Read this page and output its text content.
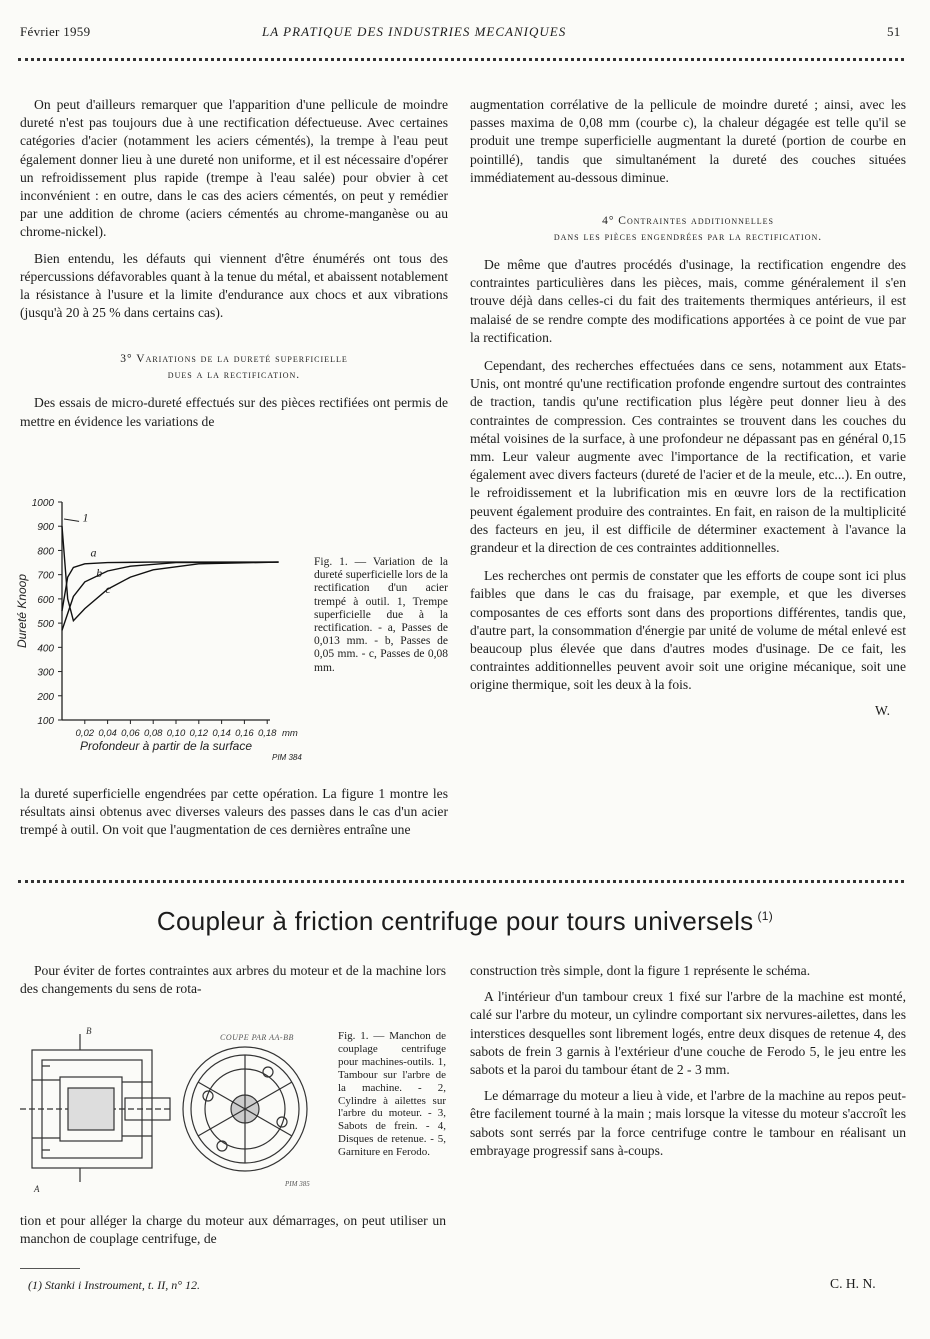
Février 1959	LA PRATIQUE DES INDUSTRIES MECANIQUES	51

On peut d'ailleurs remarquer que l'apparition d'une pellicule de moindre dureté n'est pas toujours due à une rectification défectueuse. Avec certaines catégories d'acier (notamment les aciers cémentés), la trempe à l'eau peut également donner lieu à une dureté non uniforme, et il est nécessaire d'opérer un refroidissement plus rapide (trempe à l'eau salée) pour obvier à cet inconvénient : en outre, dans le cas des aciers cémentés, on peut y remédier par une addition de chrome (aciers cémentés au chrome-manganèse ou au chrome-nickel).

Bien entendu, les défauts qui viennent d'être énumérés ont tous des répercussions défavorables quant à la tenue du métal, et abaissent notablement la résistance à l'usure et la limite d'endurance aux chocs et aux vibrations (jusqu'à 20 à 25 % dans certains cas).

3° Variations de la dureté superficielle
dues a la rectification.

Des essais de micro-dureté effectués sur des pièces rectifiées ont permis de mettre en évidence les variations de

1000
900
800
700
600
500
400
300
200
100
0,02 0,04 0,06 0,08 0,10 0,12 0,14 0,16 0,18 mm
Profondeur à partir de la surface
Dureté Knoop
PIM 384
1
a
b
c
Fig. 1. — Variation de la dureté superficielle lors de la rectification d'un acier trempé à outil. 1, Trempe superficielle due à la rectification. - a, Passes de 0,013 mm. - b, Passes de 0,05 mm. - c, Passes de 0,08 mm.

la dureté superficielle engendrées par cette opération. La figure 1 montre les résultats ainsi obtenus avec diverses valeurs des passes dans le cas d'un acier trempé à outil. On voit que l'augmentation de ces dernières entraîne une

augmentation corrélative de la pellicule de moindre dureté ; ainsi, avec les passes maxima de 0,08 mm (courbe c), la chaleur dégagée est telle qu'il se produit une trempe superficielle augmentant la dureté (portion de courbe en pointillé), tandis que simultanément la dureté des couches situées immédiatement au-dessous diminue.

4° Contraintes additionnelles
dans les pièces engendrées par la rectification.

De même que d'autres procédés d'usinage, la rectification engendre des contraintes particulières dans les pièces, mais, comme généralement il s'en trouve déjà dans celles-ci du fait des traitements thermiques antérieurs, il est malaisé de se rendre compte des modifications apportées à ce point de vue par la rectification.

Cependant, des recherches effectuées dans ce sens, notamment aux Etats-Unis, ont montré qu'une rectification profonde engendre surtout des contraintes de traction, tandis qu'une rectification plus légère peut donner lieu à des contraintes de compression. Ces contraintes se trouvent dans les couches du métal voisines de la surface, à une profondeur ne dépassant pas en général 0,15 mm. Leur valeur augmente avec l'importance de la rectification, et varie également avec divers facteurs (dureté de l'acier et de la meule, etc...). En outre, le refroidissement et la lubrification mis en œuvre lors de la rectification peuvent également produire des contraintes. En fait, en raison de la multiplicité des facteurs en jeu, il est difficile de déterminer exactement à l'avance la grandeur et la direction de ces contraintes additionnelles.

Les recherches ont permis de constater que les efforts de coupe sont ici plus faibles que dans le cas du fraisage, par exemple, et que les diverses composantes de ces efforts sont dans des proportions différentes, tandis que, d'autre part, la consommation d'énergie par unité de volume de métal enlevé est beaucoup plus élevée que dans d'autres modes d'usinage. De ce fait, les contraintes additionnelles peuvent avoir soit une origine mécanique, soit une origine thermique, soit les deux à la fois.

W.
Coupleur à friction centrifuge pour tours universels $^{(1)}$

Pour éviter de fortes contraintes aux arbres du moteur et de la machine lors des changements du sens de rota-

B
A
COUPE PAR AA-BB
PIM 385
Fig. 1. — Manchon de couplage centrifuge pour machines-outils. 1, Tambour sur l'arbre de la machine. - 2, Cylindre à ailettes sur l'arbre du moteur. - 3, Sabots de frein. - 4, Disques de retenue. - 5, Garniture en Ferodo.

tion et pour alléger la charge du moteur aux démarrages, on peut utiliser un manchon de couplage centrifuge, de

construction très simple, dont la figure 1 représente le schéma.

A l'intérieur d'un tambour creux 1 fixé sur l'arbre de la machine est monté, calé sur l'arbre du moteur, un cylindre comportant six nervures-ailettes, dans les interstices desquelles sont librement logés, entre deux disques de retenue 4, des sabots de frein 3 garnis à l'extérieur d'une couche de Ferodo 5, le jeu entre les sabots et la paroi du tambour étant de 2 - 3 mm.

Le démarrage du moteur a lieu à vide, et l'arbre de la machine au repos peut-être facilement tourné à la main ; mais lorsque la vitesse du moteur s'accroît les sabots sont serrés par la force centrifuge contre le tambour en réalisant un embrayage progressif sans à-coups.

(1) Stanki i Instroument, t. II, n° 12.	C. H. N.
